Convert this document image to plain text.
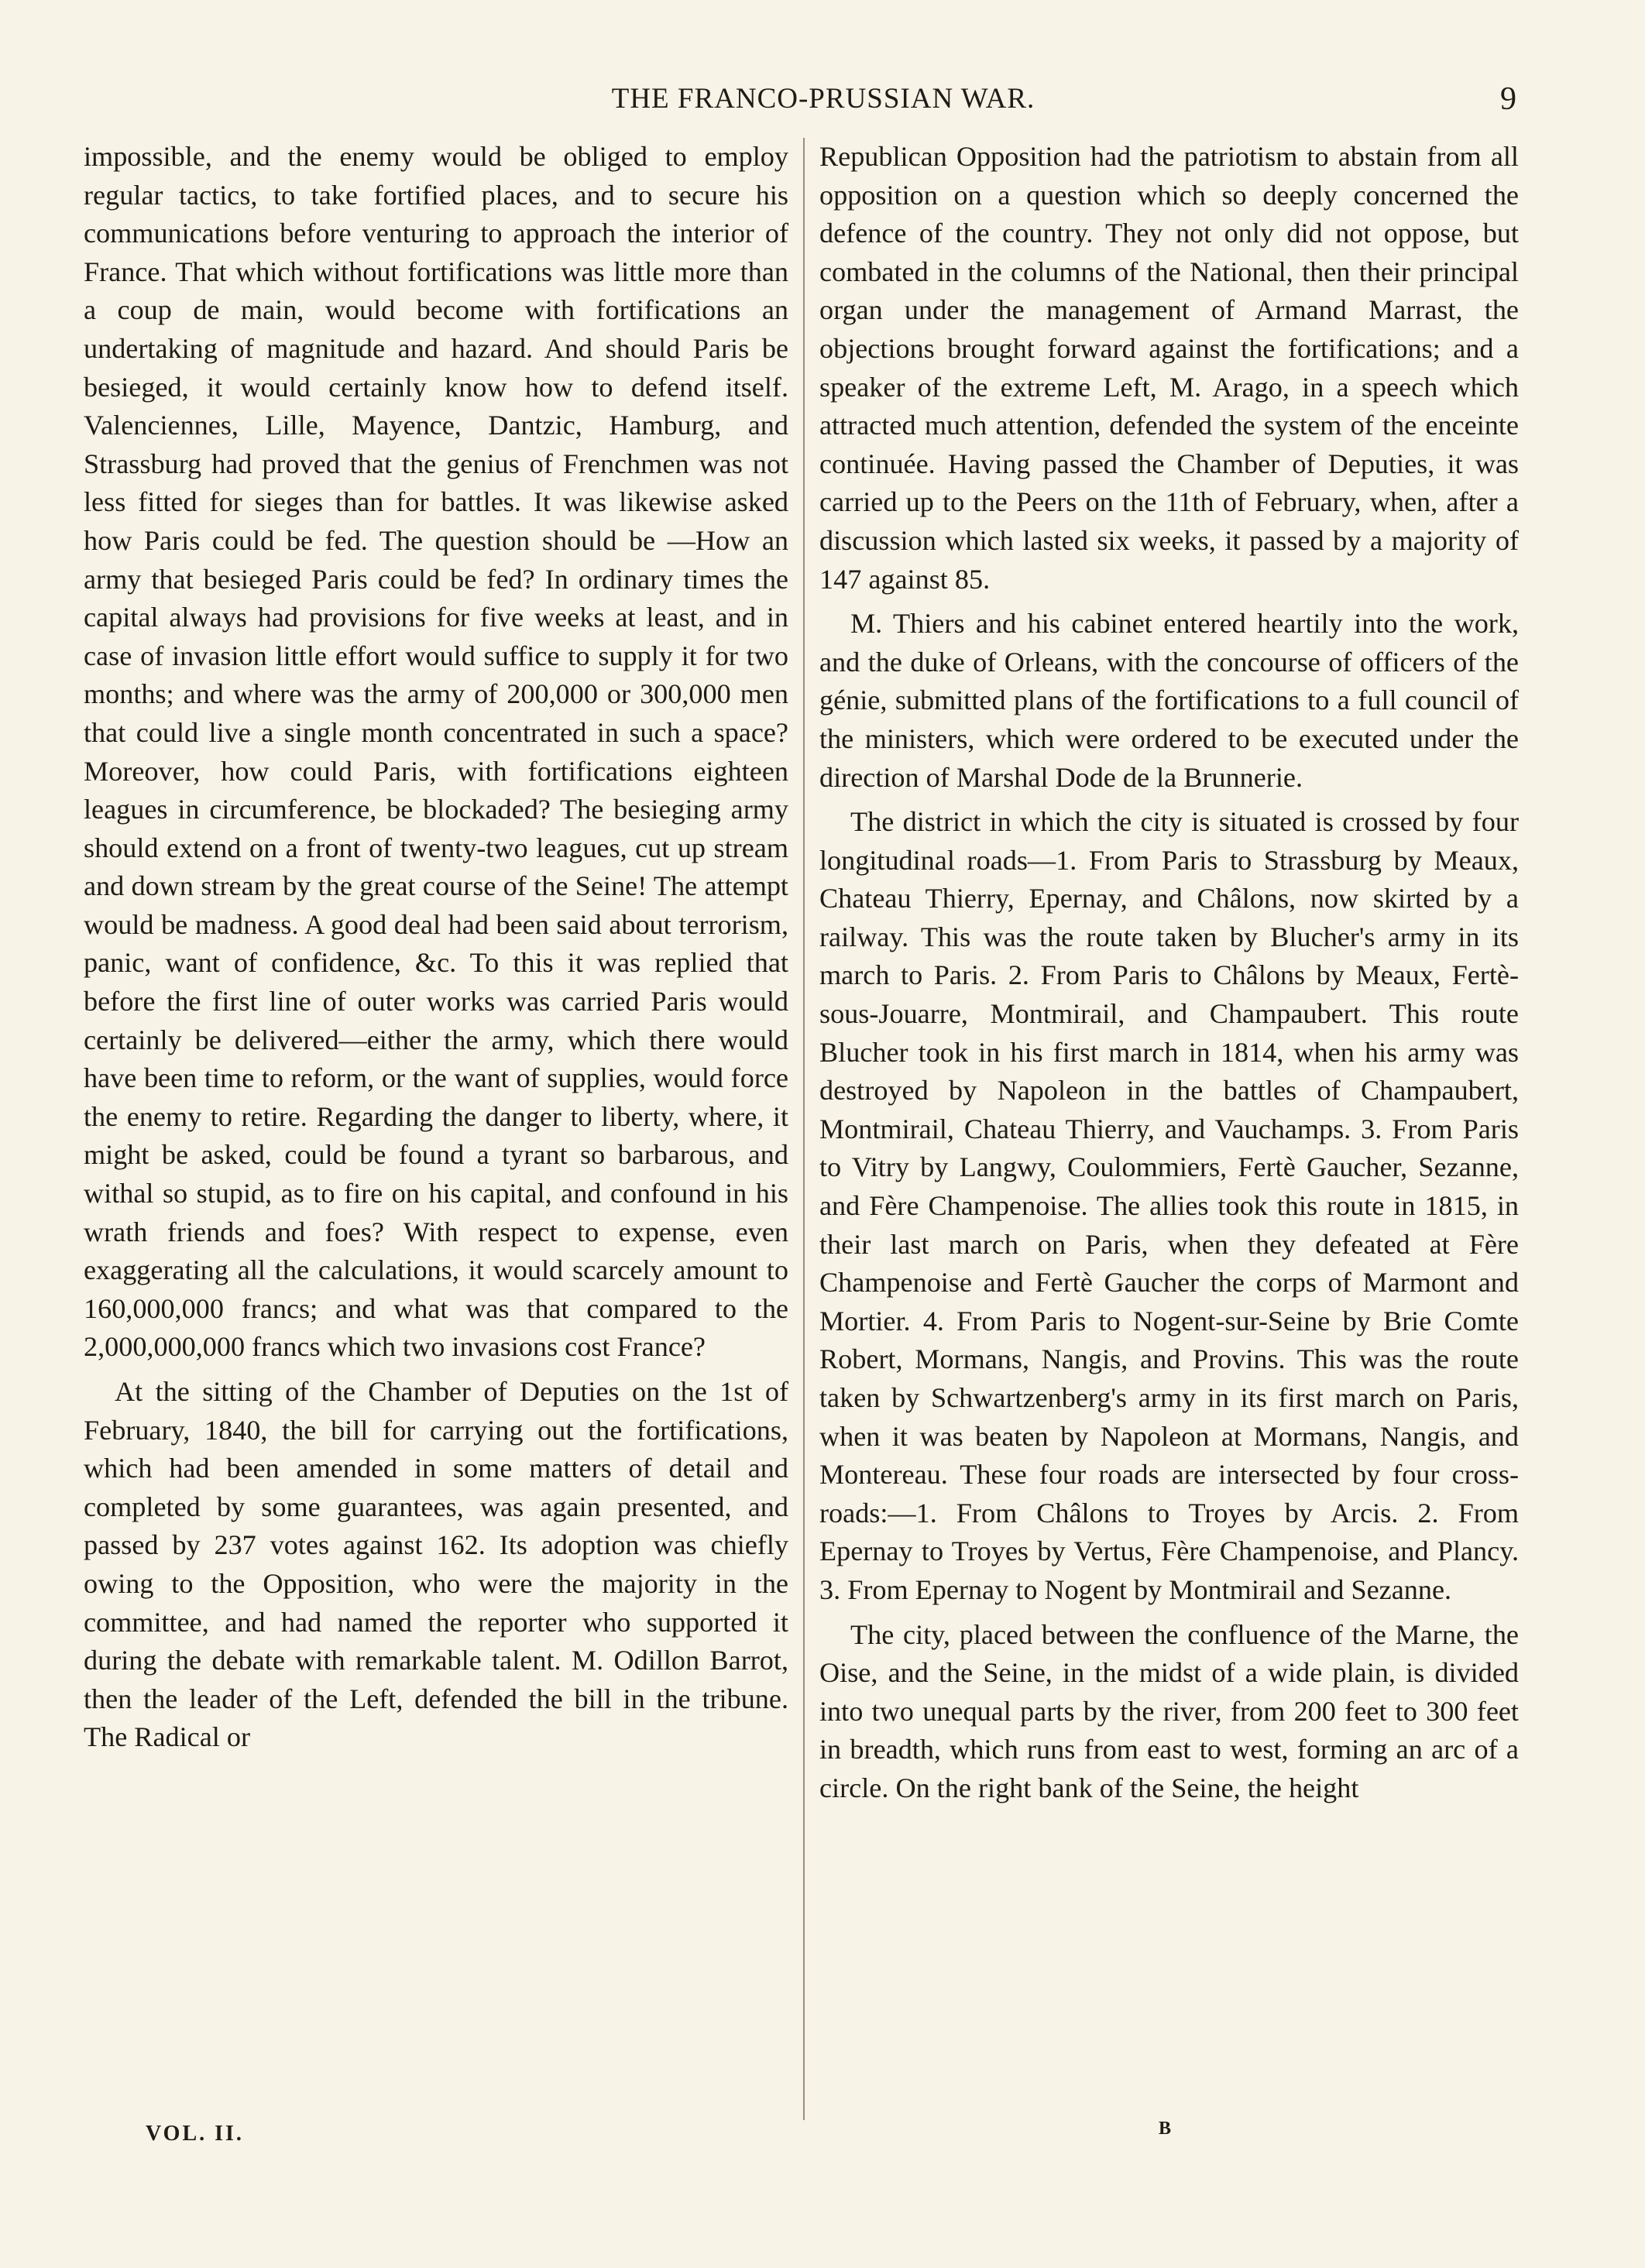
THE FRANCO-PRUSSIAN WAR.	9

impossible, and the enemy would be obliged to employ regular tactics, to take fortified places, and to secure his communications before venturing to approach the interior of France. That which without fortifications was little more than a coup de main, would become with fortifications an undertaking of magnitude and hazard. And should Paris be besieged, it would certainly know how to defend itself. Valenciennes, Lille, Mayence, Dantzic, Hamburg, and Strassburg had proved that the genius of Frenchmen was not less fitted for sieges than for battles. It was likewise asked how Paris could be fed. The question should be —How an army that besieged Paris could be fed? In ordinary times the capital always had provisions for five weeks at least, and in case of invasion little effort would suffice to supply it for two months; and where was the army of 200,000 or 300,000 men that could live a single month concentrated in such a space? Moreover, how could Paris, with fortifications eighteen leagues in circumference, be blockaded? The besieging army should extend on a front of twenty-two leagues, cut up stream and down stream by the great course of the Seine! The attempt would be madness. A good deal had been said about terrorism, panic, want of confidence, &c. To this it was replied that before the first line of outer works was carried Paris would certainly be delivered—either the army, which there would have been time to reform, or the want of supplies, would force the enemy to retire. Regarding the danger to liberty, where, it might be asked, could be found a tyrant so barbarous, and withal so stupid, as to fire on his capital, and confound in his wrath friends and foes? With respect to expense, even exaggerating all the calculations, it would scarcely amount to 160,000,000 francs; and what was that compared to the 2,000,000,000 francs which two invasions cost France?

At the sitting of the Chamber of Deputies on the 1st of February, 1840, the bill for carrying out the fortifications, which had been amended in some matters of detail and completed by some guarantees, was again presented, and passed by 237 votes against 162. Its adoption was chiefly owing to the Opposition, who were the majority in the committee, and had named the reporter who supported it during the debate with remarkable talent. M. Odillon Barrot, then the leader of the Left, defended the bill in the tribune. The Radical or

Republican Opposition had the patriotism to abstain from all opposition on a question which so deeply concerned the defence of the country. They not only did not oppose, but combated in the columns of the National, then their principal organ under the management of Armand Marrast, the objections brought forward against the fortifications; and a speaker of the extreme Left, M. Arago, in a speech which attracted much attention, defended the system of the enceinte continuée. Having passed the Chamber of Deputies, it was carried up to the Peers on the 11th of February, when, after a discussion which lasted six weeks, it passed by a majority of 147 against 85.

M. Thiers and his cabinet entered heartily into the work, and the duke of Orleans, with the concourse of officers of the génie, submitted plans of the fortifications to a full council of the ministers, which were ordered to be executed under the direction of Marshal Dode de la Brunnerie.

The district in which the city is situated is crossed by four longitudinal roads—1. From Paris to Strassburg by Meaux, Chateau Thierry, Epernay, and Châlons, now skirted by a railway. This was the route taken by Blucher's army in its march to Paris. 2. From Paris to Châlons by Meaux, Fertè-sous-Jouarre, Montmirail, and Champaubert. This route Blucher took in his first march in 1814, when his army was destroyed by Napoleon in the battles of Champaubert, Montmirail, Chateau Thierry, and Vauchamps. 3. From Paris to Vitry by Langwy, Coulommiers, Fertè Gaucher, Sezanne, and Fère Champenoise. The allies took this route in 1815, in their last march on Paris, when they defeated at Fère Champenoise and Fertè Gaucher the corps of Marmont and Mortier. 4. From Paris to Nogent-sur-Seine by Brie Comte Robert, Mormans, Nangis, and Provins. This was the route taken by Schwartzenberg's army in its first march on Paris, when it was beaten by Napoleon at Mormans, Nangis, and Montereau. These four roads are intersected by four cross-roads:—1. From Châlons to Troyes by Arcis. 2. From Epernay to Troyes by Vertus, Fère Champenoise, and Plancy. 3. From Epernay to Nogent by Montmirail and Sezanne.

The city, placed between the confluence of the Marne, the Oise, and the Seine, in the midst of a wide plain, is divided into two unequal parts by the river, from 200 feet to 300 feet in breadth, which runs from east to west, forming an arc of a circle. On the right bank of the Seine, the height

VOL. II.	B
